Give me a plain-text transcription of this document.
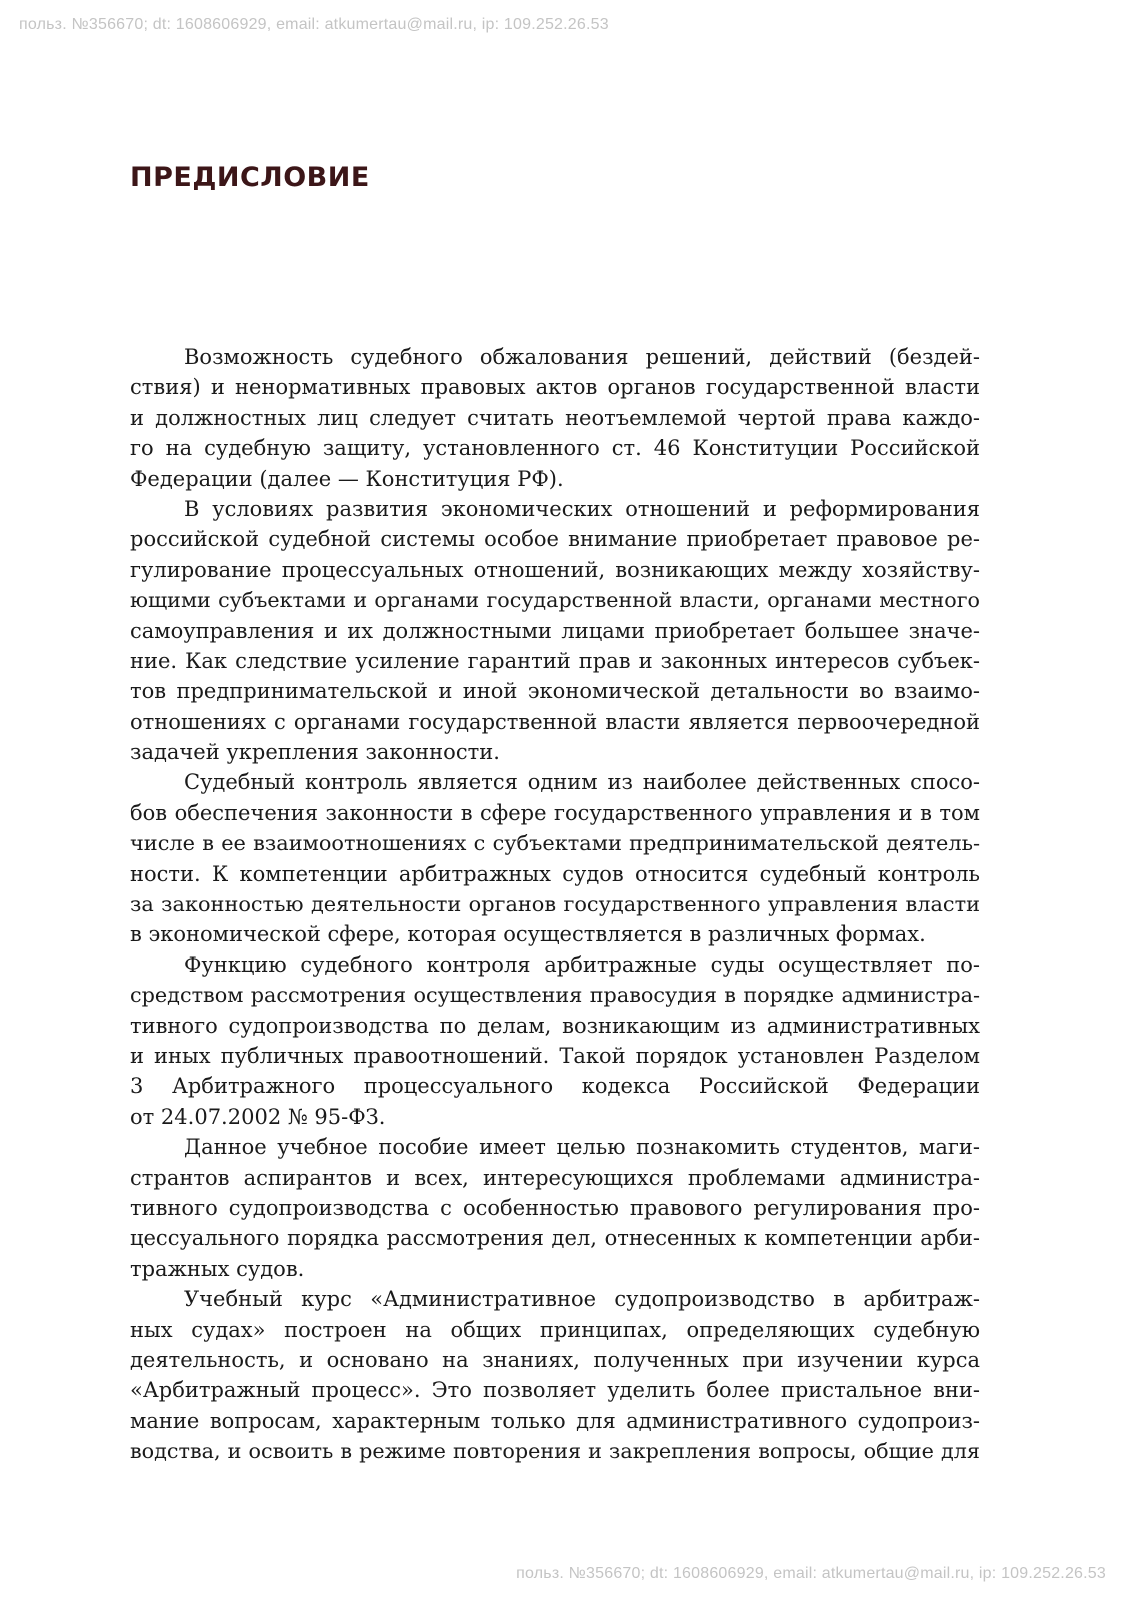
польз. №356670; dt: 1608606929, email: atkumertau@mail.ru, ip: 109.252.26.53
ПРЕДИСЛОВИЕ
Возможность судебного обжалования решений, действий (бездей-
ствия) и ненормативных правовых актов органов государственной власти
и должностных лиц следует считать неотъемлемой чертой права каждо-
го на судебную защиту, установленного ст. 46 Конституции Российской
Федерации (далее — Конституция РФ).
В условиях развития экономических отношений и реформирования
российской судебной системы особое внимание приобретает правовое ре-
гулирование процессуальных отношений, возникающих между хозяйству-
ющими субъектами и органами государственной власти, органами местного
самоуправления и их должностными лицами приобретает большее значе-
ние. Как следствие усиление гарантий прав и законных интересов субъек-
тов предпринимательской и иной экономической детальности во взаимо-
отношениях с органами государственной власти является первоочередной
задачей укрепления законности.
Судебный контроль является одним из наиболее действенных спосо-
бов обеспечения законности в сфере государственного управления и в том
числе в ее взаимоотношениях с субъектами предпринимательской деятель-
ности. К компетенции арбитражных судов относится судебный контроль
за законностью деятельности органов государственного управления власти
в экономической сфере, которая осуществляется в различных формах.
Функцию судебного контроля арбитражные суды осуществляет по-
средством рассмотрения осуществления правосудия в порядке администра-
тивного судопроизводства по делам, возникающим из административных
и иных публичных правоотношений. Такой порядок установлен Разделом
3 Арбитражного процессуального кодекса Российской Федерации
от 24.07.2002 № 95-ФЗ.
Данное учебное пособие имеет целью познакомить студентов, маги-
странтов аспирантов и всех, интересующихся проблемами администра-
тивного судопроизводства с особенностью правового регулирования про-
цессуального порядка рассмотрения дел, отнесенных к компетенции арби-
тражных судов.
Учебный курс «Административное судопроизводство в арбитраж-
ных судах» построен на общих принципах, определяющих судебную
деятельность, и основано на знаниях, полученных при изучении курса
«Арбитражный процесс». Это позволяет уделить более пристальное вни-
мание вопросам, характерным только для административного судопроиз-
водства, и освоить в режиме повторения и закрепления вопросы, общие для
польз. №356670; dt: 1608606929, email: atkumertau@mail.ru, ip: 109.252.26.53
